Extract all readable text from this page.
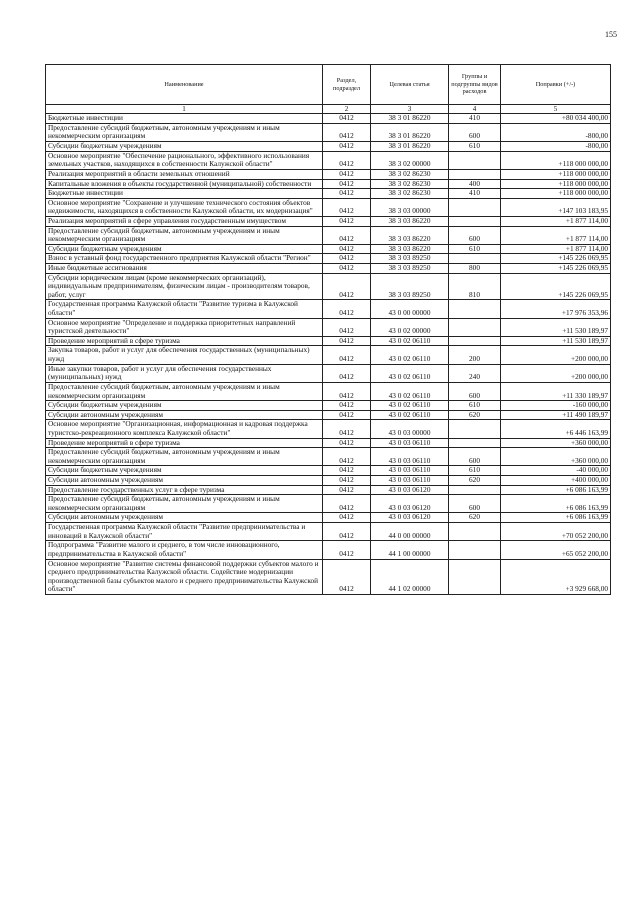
155
Наименование	Раздел, подраздел	Целевая статья	Группы и подгруппы видов расходов	Поправки (+/-)
1	2	3	4	5
Бюджетные инвестиции	0412	38 3 01 86220	410	+80 034 400,00
Предоставление субсидий бюджетным, автономным учреждениям и иным некоммерческим организациям	0412	38 3 01 86220	600	-800,00
Субсидии бюджетным учреждениям	0412	38 3 01 86220	610	-800,00
Основное мероприятие "Обеспечение рационального, эффективного использования земельных участков, находящихся в собственности Калужской области"	0412	38 3 02 00000		+118 000 000,00
Реализация мероприятий в области земельных отношений	0412	38 3 02 86230		+118 000 000,00
Капитальные вложения в объекты государственной (муниципальной) собственности	0412	38 3 02 86230	400	+118 000 000,00
Бюджетные инвестиции	0412	38 3 02 86230	410	+118 000 000,00
Основное мероприятие "Сохранение и улучшение технического состояния объектов недвижимости, находящихся в собственности Калужской области, их модернизация"	0412	38 3 03 00000		+147 103 183,95
Реализация мероприятий в сфере управления государственным имуществом	0412	38 3 03 86220		+1 877 114,00
Предоставление субсидий бюджетным, автономным учреждениям и иным некоммерческим организациям	0412	38 3 03 86220	600	+1 877 114,00
Субсидии бюджетным учреждениям	0412	38 3 03 86220	610	+1 877 114,00
Взнос в уставный фонд государственного предприятия Калужской области "Регион"	0412	38 3 03 89250		+145 226 069,95
Иные бюджетные ассигнования	0412	38 3 03 89250	800	+145 226 069,95
Субсидии юридическим лицам (кроме некоммерческих организаций), индивидуальным предпринимателям, физическим лицам - производителям товаров, работ, услуг	0412	38 3 03 89250	810	+145 226 069,95
Государственная программа Калужской области "Развитие туризма в Калужской области"	0412	43 0 00 00000		+17 976 353,96
Основное мероприятие "Определение и поддержка приоритетных направлений туристской деятельности"	0412	43 0 02 00000		+11 530 189,97
Проведение мероприятий в сфере туризма	0412	43 0 02 06110		+11 530 189,97
Закупка товаров, работ и услуг для обеспечения государственных (муниципальных) нужд	0412	43 0 02 06110	200	+200 000,00
Иные закупки товаров, работ и услуг для обеспечения государственных (муниципальных) нужд	0412	43 0 02 06110	240	+200 000,00
Предоставление субсидий бюджетным, автономным учреждениям и иным некоммерческим организациям	0412	43 0 02 06110	600	+11 330 189,97
Субсидии бюджетным учреждениям	0412	43 0 02 06110	610	-160 000,00
Субсидии автономным учреждениям	0412	43 0 02 06110	620	+11 490 189,97
Основное мероприятие "Организационная, информационная и кадровая поддержка туристско-рекреационного комплекса Калужской области"	0412	43 0 03 00000		+6 446 163,99
Проведение мероприятий в сфере туризма	0412	43 0 03 06110		+360 000,00
Предоставление субсидий бюджетным, автономным учреждениям и иным некоммерческим организациям	0412	43 0 03 06110	600	+360 000,00
Субсидии бюджетным учреждениям	0412	43 0 03 06110	610	-40 000,00
Субсидии автономным учреждениям	0412	43 0 03 06110	620	+400 000,00
Предоставление государственных услуг в сфере туризма	0412	43 0 03 06120		+6 086 163,99
Предоставление субсидий бюджетным, автономным учреждениям и иным некоммерческим организациям	0412	43 0 03 06120	600	+6 086 163,99
Субсидии автономным учреждениям	0412	43 0 03 06120	620	+6 086 163,99
Государственная программа Калужской области "Развитие предпринимательства и инноваций в Калужской области"	0412	44 0 00 00000		+70 052 200,00
Подпрограмма "Развитие малого и среднего, в том числе инновационного, предпринимательства в Калужской области"	0412	44 1 00 00000		+65 052 200,00
Основное мероприятие "Развитие системы финансовой поддержки субъектов малого и среднего предпринимательства Калужской области. Содействие модернизации производственной базы субъектов малого и среднего предпринимательства Калужской области"	0412	44 1 02 00000		+3 929 668,00
